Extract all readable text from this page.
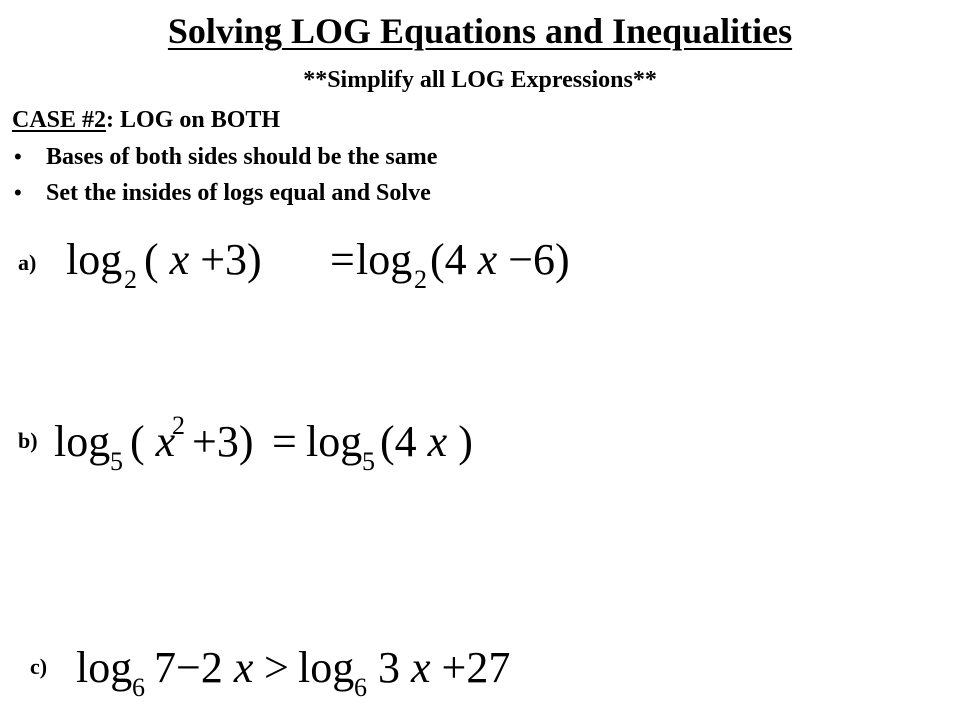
Solving LOG Equations and Inequalities
**Simplify all LOG Expressions**
CASE #2: LOG on BOTH
• Bases of both sides should be the same
• Set the insides of logs equal and Solve
a) log 2 ( x +3) = log 2 (4 x −6)
b) log 5 ( x 2 +3) = log 5 (4 x )
c) log 6 7−2 x > log 6 3 x +27
